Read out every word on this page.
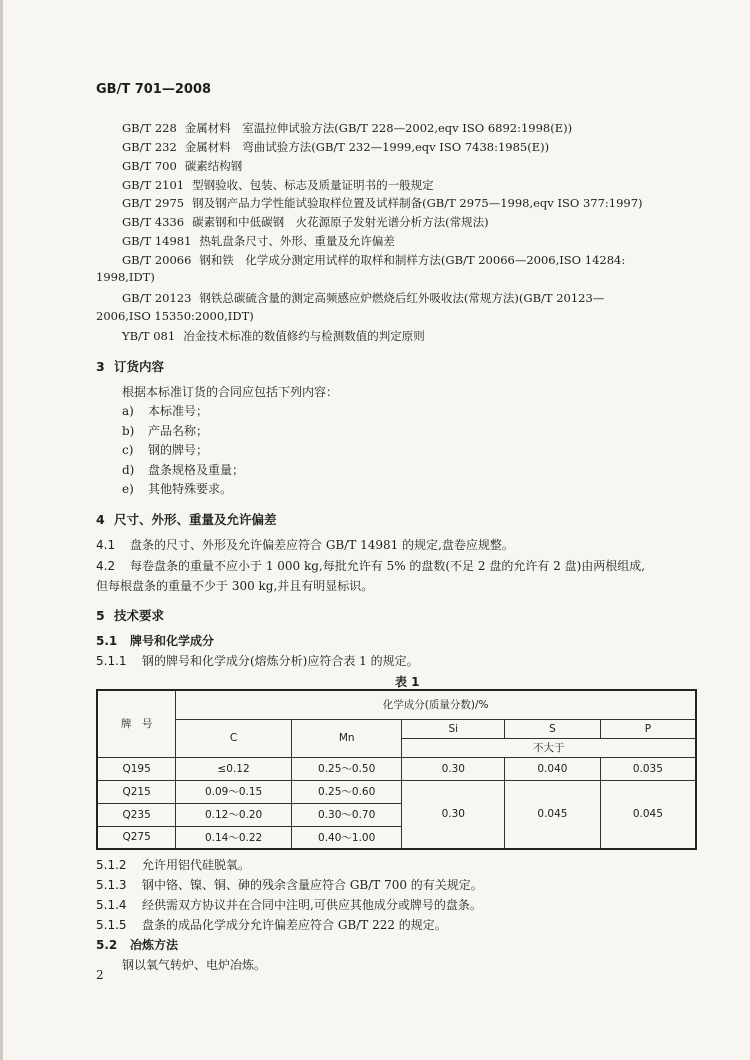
GB/T 701—2008
GB/T 228 金属材料　室温拉伸试验方法(GB/T 228—2002,eqv ISO 6892:1998(E))
GB/T 232 金属材料　弯曲试验方法(GB/T 232—1999,eqv ISO 7438:1985(E))
GB/T 700 碳素结构钢
GB/T 2101 型钢验收、包装、标志及质量证明书的一般规定
GB/T 2975 钢及钢产品力学性能试验取样位置及试样制备(GB/T 2975—1998,eqv ISO 377:1997)
GB/T 4336 碳素钢和中低碳钢　火花源原子发射光谱分析方法(常规法)
GB/T 14981 热轧盘条尺寸、外形、重量及允许偏差
GB/T 20066 钢和铁　化学成分测定用试样的取样和制样方法(GB/T 20066—2006,ISO 14284:
1998,IDT)
GB/T 20123 钢铁总碳硫含量的测定高频感应炉燃烧后红外吸收法(常规方法)(GB/T 20123—
2006,ISO 15350:2000,IDT)
YB/T 081 冶金技术标准的数值修约与检测数值的判定原则
3 订货内容
根据本标准订货的合同应包括下列内容：
a) 本标准号；
b) 产品名称；
c) 钢的牌号；
d) 盘条规格及重量；
e) 其他特殊要求。
4 尺寸、外形、重量及允许偏差
4.1 盘条的尺寸、外形及允许偏差应符合 GB/T 14981 的规定,盘卷应规整。
4.2 每卷盘条的重量不应小于 1 000 kg,每批允许有 5% 的盘数(不足 2 盘的允许有 2 盘)由两根组成,
但每根盘条的重量不少于 300 kg,并且有明显标识。
5 技术要求
5.1 牌号和化学成分
5.1.1 钢的牌号和化学成分(熔炼分析)应符合表 1 的规定。
表 1
牌　号	化学成分(质量分数)/%				
	C	Mn	Si	S	P
			不大于		
Q195	≤0.12	0.25～0.50	0.30	0.040	0.035
Q215	0.09～0.15	0.25～0.60	0.30	0.045	0.045
Q235	0.12～0.20	0.30～0.70			
Q275	0.14～0.22	0.40～1.00			
5.1.2 允许用铝代硅脱氧。
5.1.3 钢中铬、镍、铜、砷的残余含量应符合 GB/T 700 的有关规定。
5.1.4 经供需双方协议并在合同中注明,可供应其他成分或牌号的盘条。
5.1.5 盘条的成品化学成分允许偏差应符合 GB/T 222 的规定。
5.2 冶炼方法
钢以氧气转炉、电炉冶炼。
2
